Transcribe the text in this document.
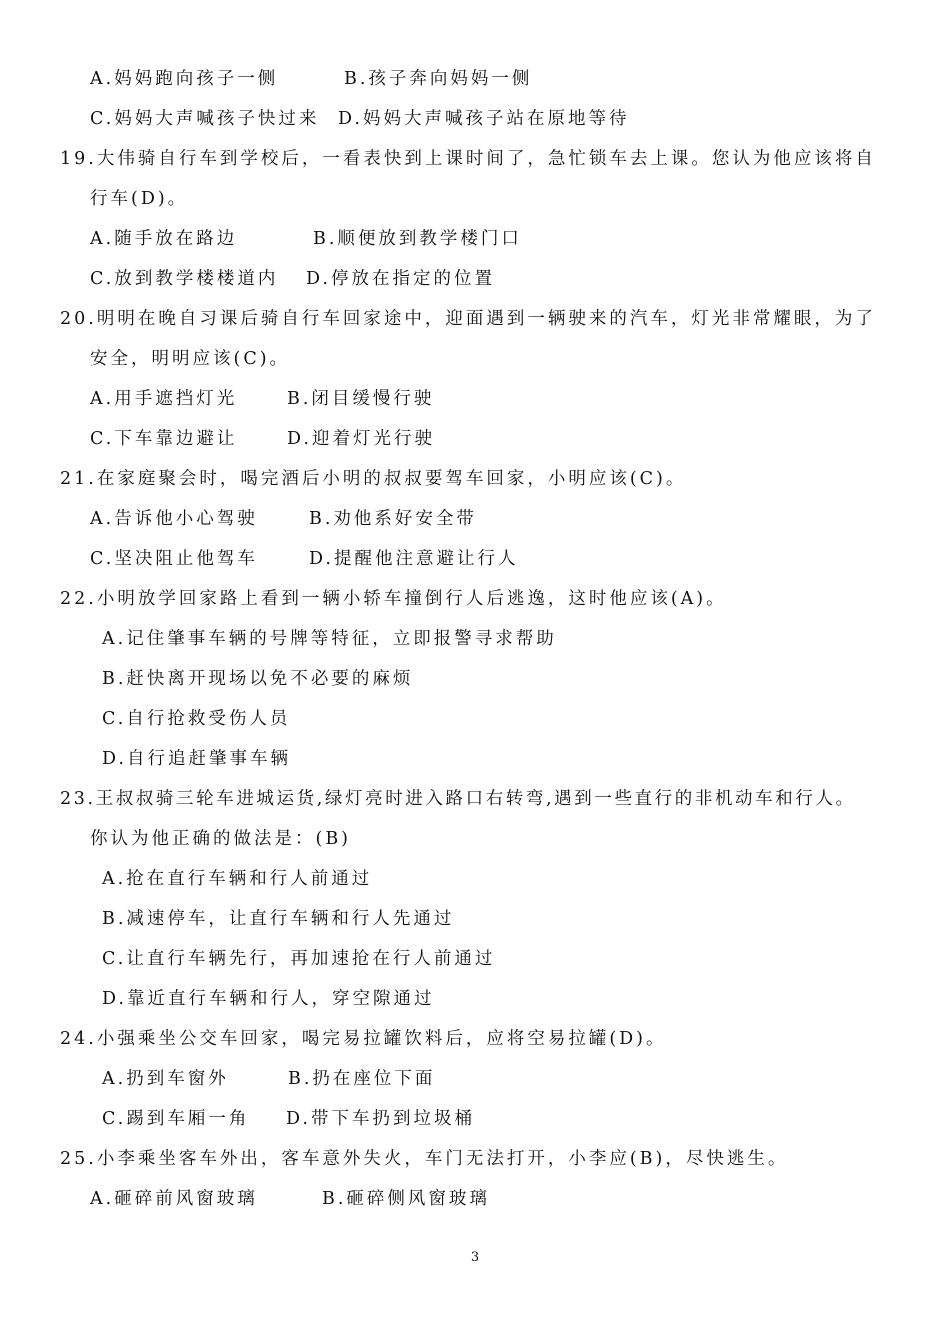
A.妈妈跑向孩子一侧	B.孩子奔向妈妈一侧
C.妈妈大声喊孩子快过来 D.妈妈大声喊孩子站在原地等待
19.大伟骑自行车到学校后，一看表快到上课时间了，急忙锁车去上课。您认为他应该将自
行车(D)。
A.随手放在路边	B.顺便放到教学楼门口
C.放到教学楼楼道内 D.停放在指定的位置
20.明明在晚自习课后骑自行车回家途中，迎面遇到一辆驶来的汽车，灯光非常耀眼，为了
安全，明明应该(C)。
A.用手遮挡灯光	B.闭目缓慢行驶
C.下车靠边避让	D.迎着灯光行驶
21.在家庭聚会时，喝完酒后小明的叔叔要驾车回家，小明应该(C)。
A.告诉他小心驾驶	B.劝他系好安全带
C.坚决阻止他驾车	D.提醒他注意避让行人
22.小明放学回家路上看到一辆小轿车撞倒行人后逃逸，这时他应该(A)。
A.记住肇事车辆的号牌等特征，立即报警寻求帮助
B.赶快离开现场以免不必要的麻烦
C.自行抢救受伤人员
D.自行追赶肇事车辆
23.王叔叔骑三轮车进城运货,绿灯亮时进入路口右转弯,遇到一些直行的非机动车和行人。
你认为他正确的做法是：(B)
A.抢在直行车辆和行人前通过
B.减速停车，让直行车辆和行人先通过
C.让直行车辆先行，再加速抢在行人前通过
D.靠近直行车辆和行人，穿空隙通过
24.小强乘坐公交车回家，喝完易拉罐饮料后，应将空易拉罐(D)。
A.扔到车窗外	B.扔在座位下面
C.踢到车厢一角 D.带下车扔到垃圾桶
25.小李乘坐客车外出，客车意外失火，车门无法打开，小李应(B)，尽快逃生。
A.砸碎前风窗玻璃	B.砸碎侧风窗玻璃
3
